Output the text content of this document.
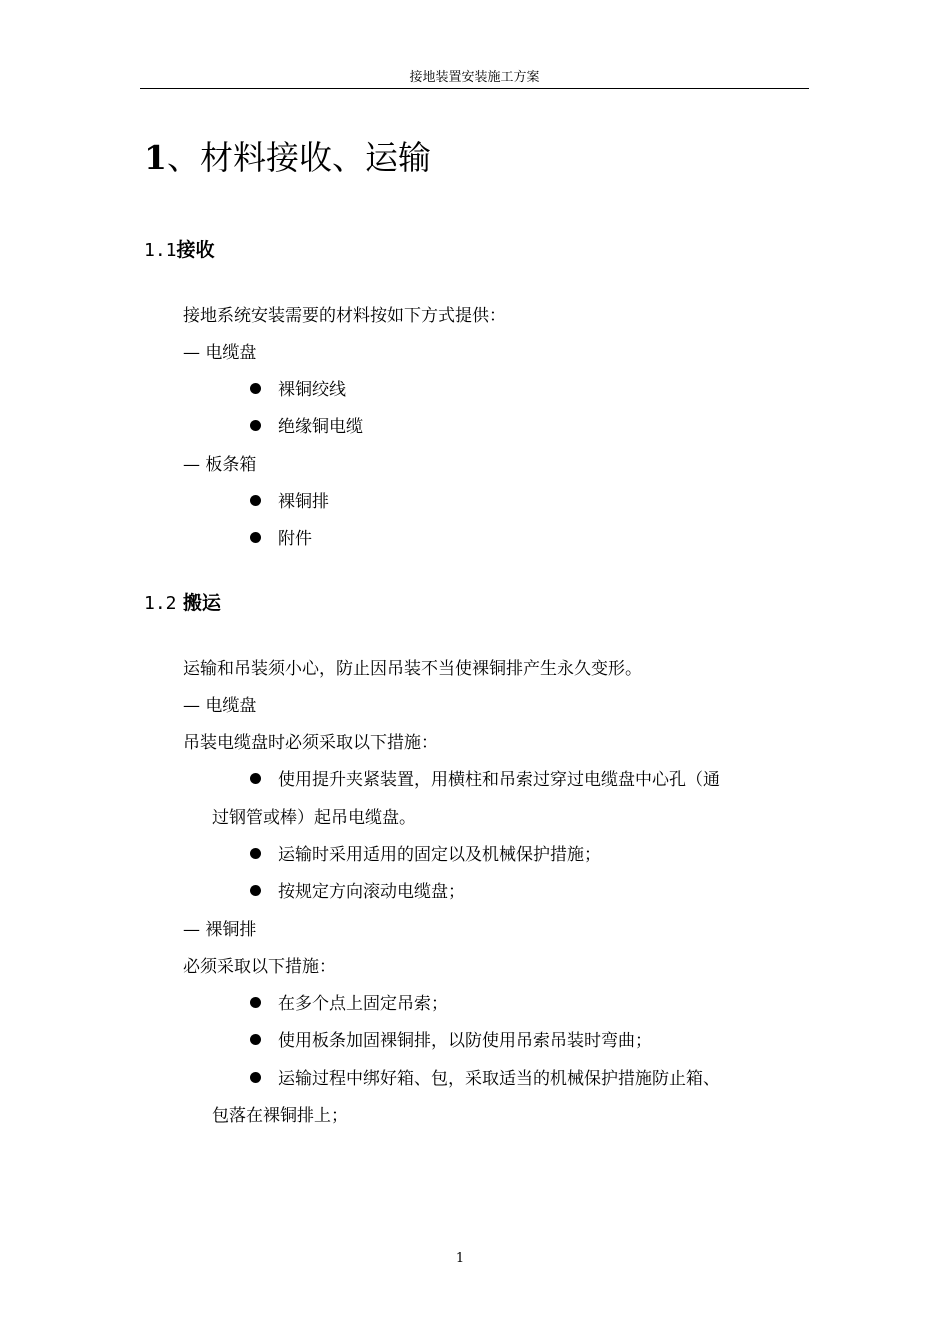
接地装置安装施工方案
1、材料接收、运输
1.1接收
接地系统安装需要的材料按如下方式提供：
— 电缆盘
裸铜绞线
绝缘铜电缆
— 板条箱
裸铜排
附件
1.2 搬运
运输和吊装须小心，防止因吊装不当使裸铜排产生永久变形。
— 电缆盘
吊装电缆盘时必须采取以下措施：
使用提升夹紧装置，用横柱和吊索过穿过电缆盘中心孔（通
过钢管或棒）起吊电缆盘。
运输时采用适用的固定以及机械保护措施；
按规定方向滚动电缆盘；
— 裸铜排
必须采取以下措施：
在多个点上固定吊索；
使用板条加固裸铜排，以防使用吊索吊装时弯曲；
运输过程中绑好箱、包，采取适当的机械保护措施防止箱、
包落在裸铜排上；
1
